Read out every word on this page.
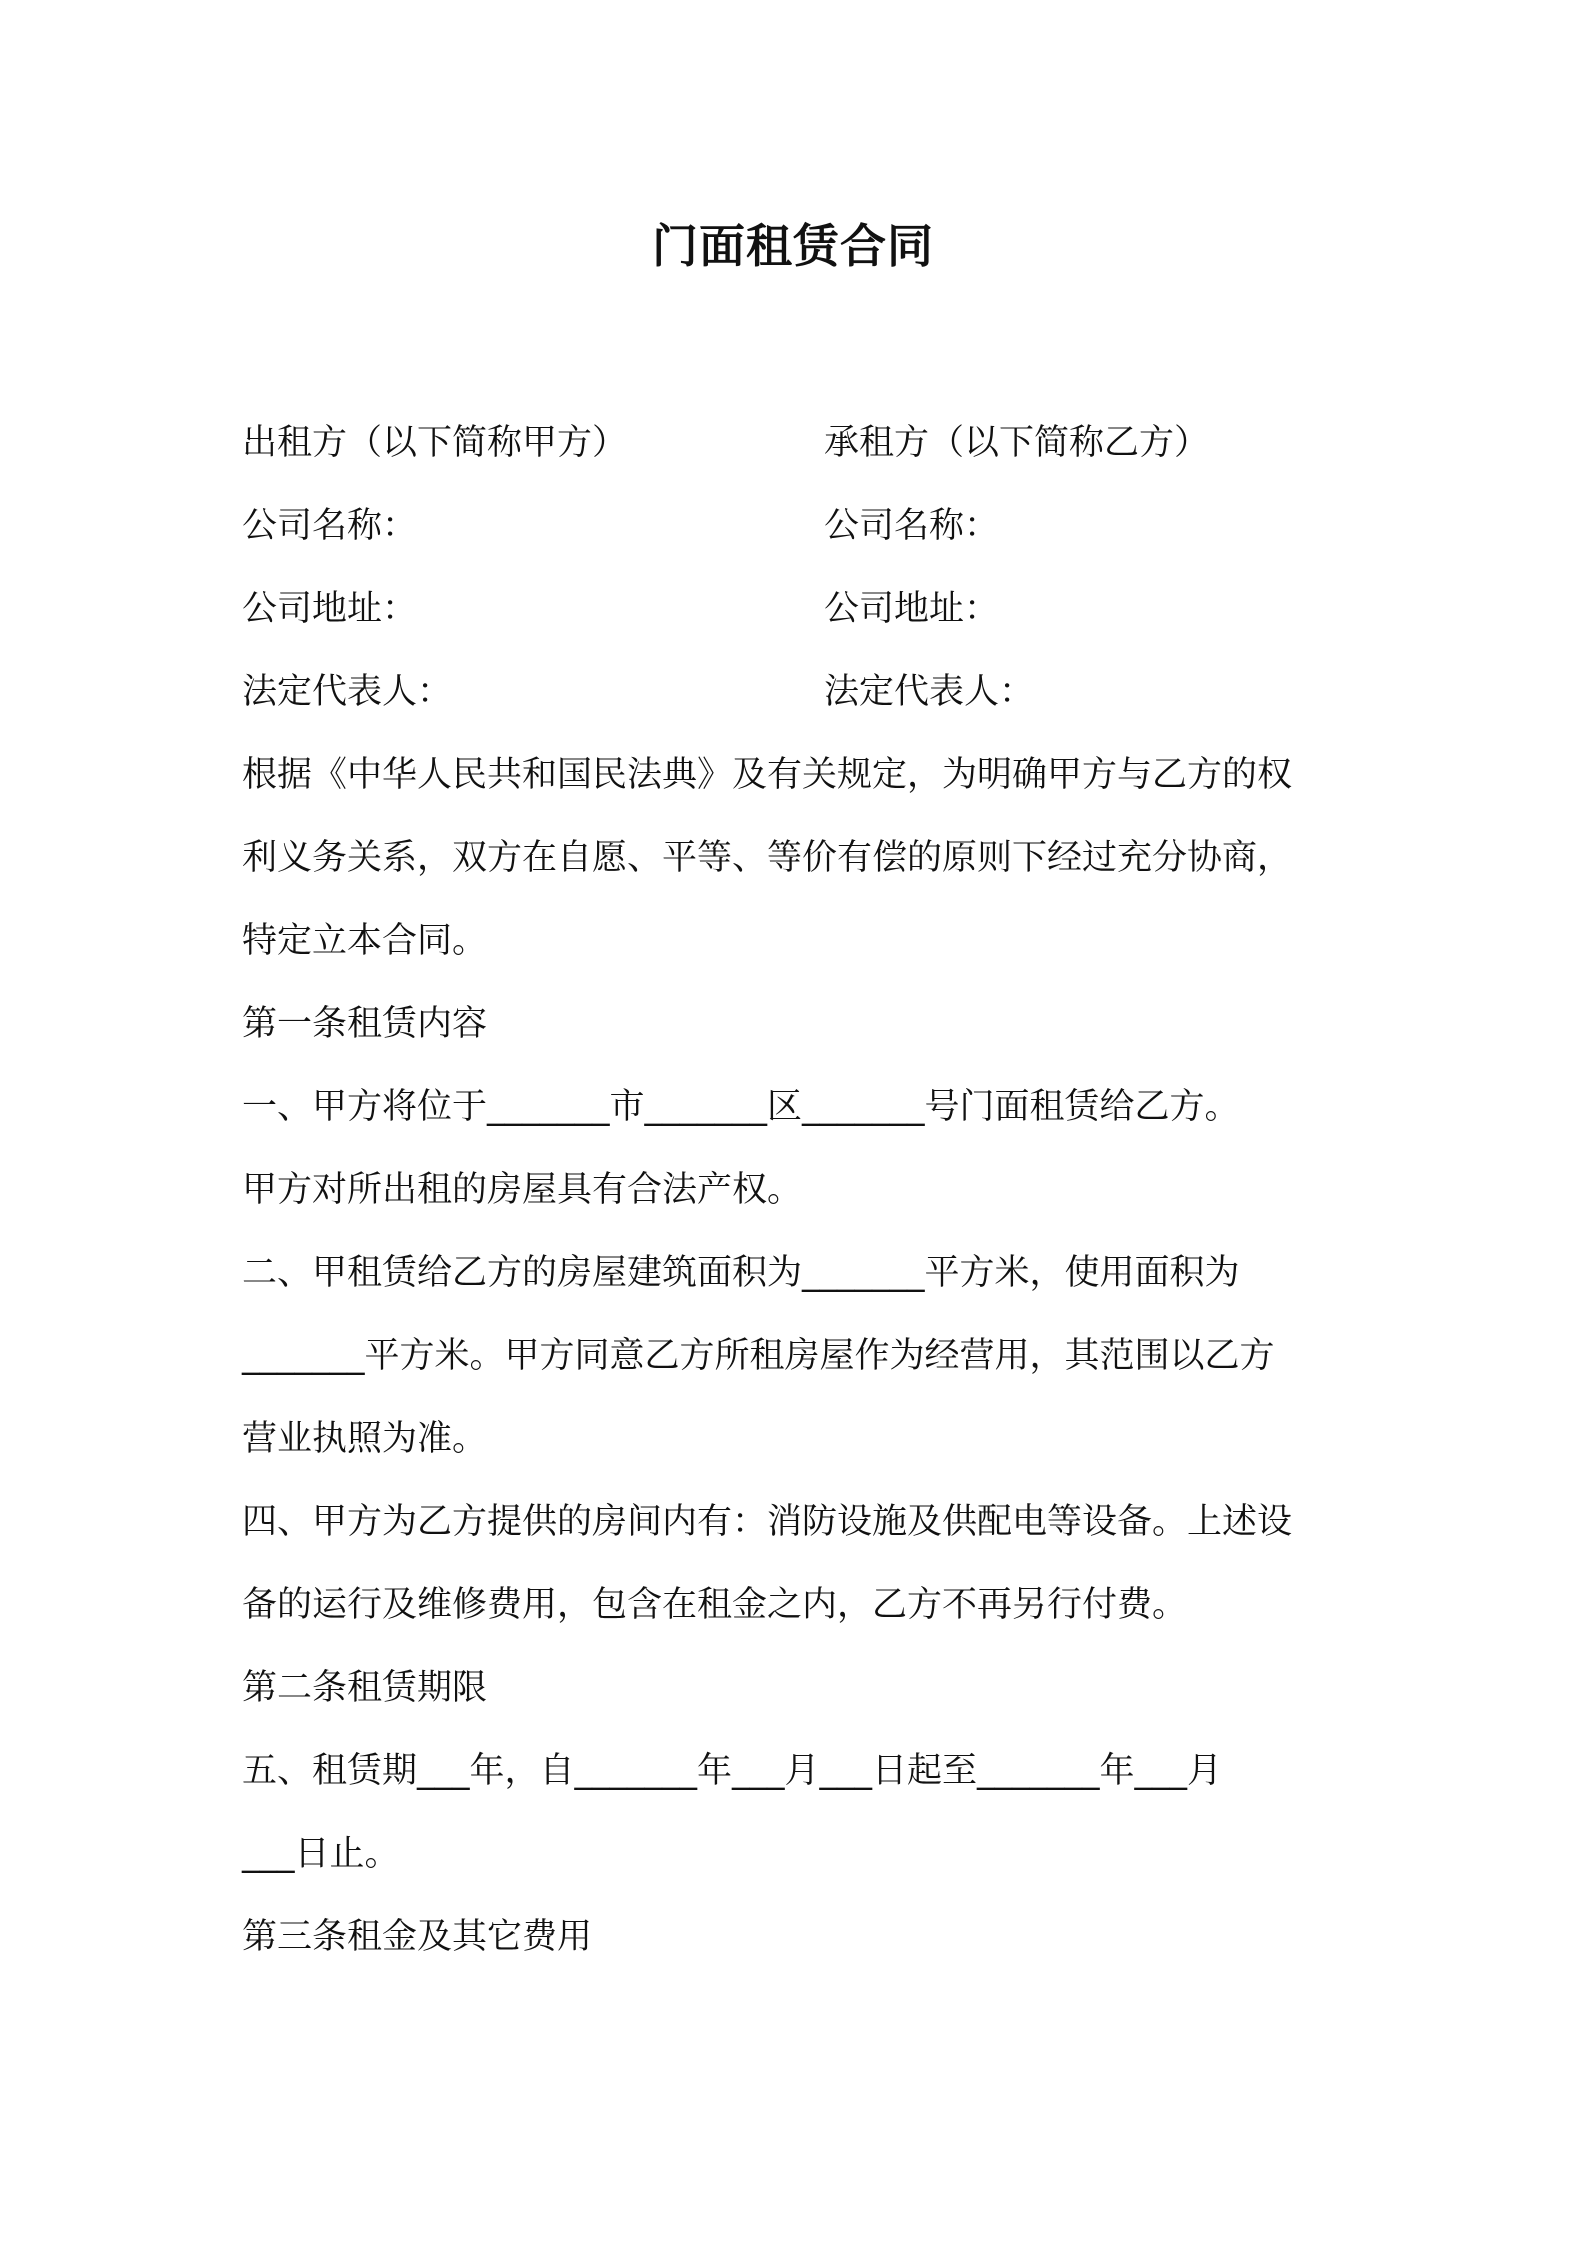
门面租赁合同
出租方（以下简称甲方）	承租方（以下简称乙方）
公司名称：	公司名称：
公司地址：	公司地址：
法定代表人：	法定代表人：
根据《中华人民共和国民法典》及有关规定，为明确甲方与乙方的权
利义务关系，双方在自愿、平等、等价有偿的原则下经过充分协商，
特定立本合同。
第一条租赁内容
一、甲方将位于_______市_______区_______号门面租赁给乙方。
甲方对所出租的房屋具有合法产权。
二、甲租赁给乙方的房屋建筑面积为_______平方米，使用面积为
_______平方米。甲方同意乙方所租房屋作为经营用，其范围以乙方
营业执照为准。
四、甲方为乙方提供的房间内有：消防设施及供配电等设备。上述设
备的运行及维修费用，包含在租金之内，乙方不再另行付费。
第二条租赁期限
五、租赁期___年，自_______年___月___日起至_______年___月
___日止。
第三条租金及其它费用
